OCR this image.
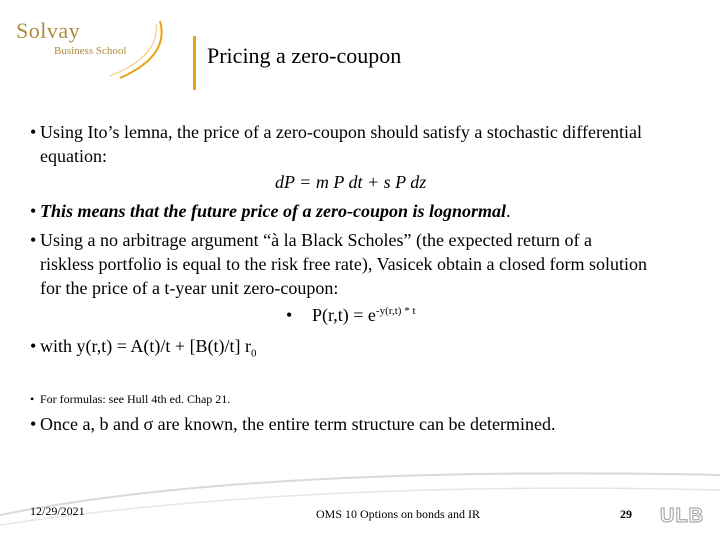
Solvay
Business School	Pricing a zero-coupon
• Using Ito’s lemna, the price of a zero-coupon should satisfy a stochastic differential equation:
dP = m P dt + s P dz
• This means that the future price of a zero-coupon is lognormal.
• Using a no arbitrage argument “à la Black Scholes” (the expected return of a riskless portfolio is equal to the risk free rate), Vasicek obtain a closed form solution for the price of a t-year unit zero-coupon:
•	$P(r,t) = e^{-y(r,t) * t}$
• with y(r,t) = A(t)/t + [B(t)/t] $r_0$
• For formulas: see Hull 4th ed. Chap 21.
• Once a, b and σ are known, the entire term structure can be determined.
12/29/2021	OMS 10 Options on bonds and IR	29 ULB
